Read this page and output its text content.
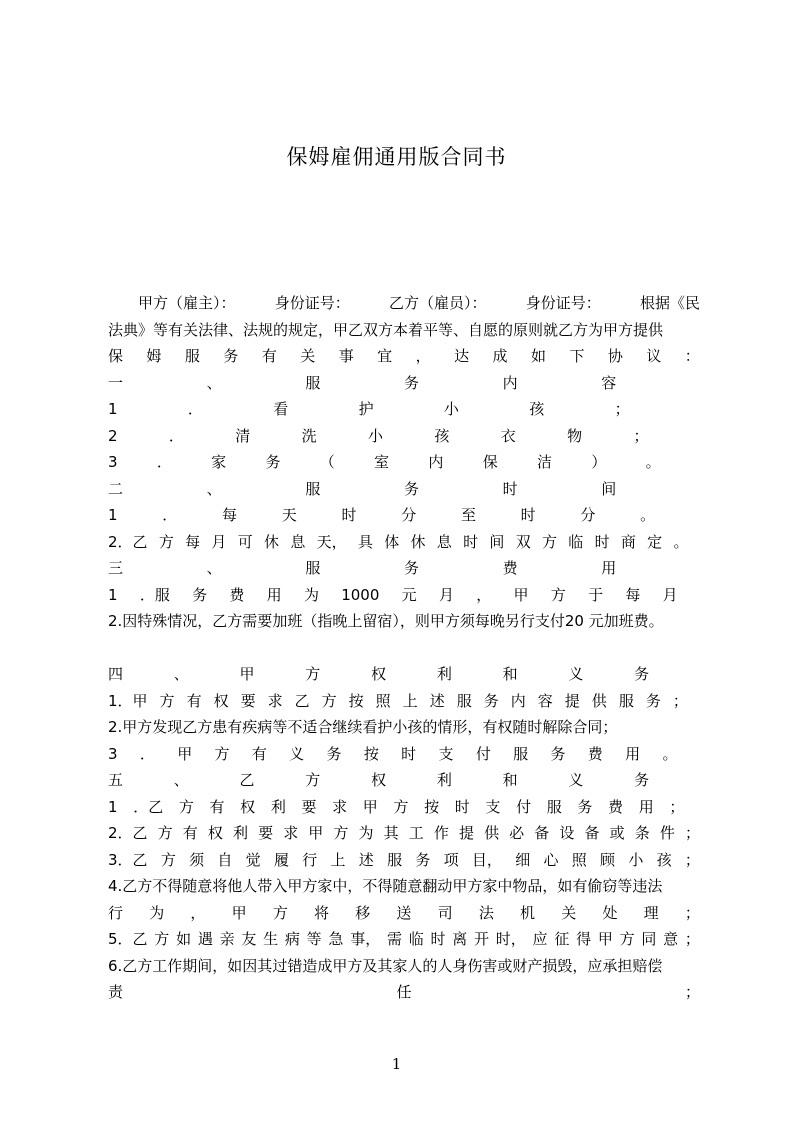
保姆雇佣通用版合同书
甲方（雇主）：	身份证号：	乙方（雇员）：	身份证号：	根据《民
法典》等有关法律、法规的规定，甲乙双方本着平等、自愿的原则就乙方为甲方提供
保 姆 服 务 有 关 事 宜 ， 达 成 如 下 协 议 ：
一	、	服	务	内	容
1	．	看	护	小	孩	；
2	．	清	洗	小	孩	衣	物	；
3	．	家	务	（	室	内	保	洁	）	。
二	、	服	务	时	间
1	．	每	天	时	分	至	时	分	。
2．乙 方 每 月 可 休 息 天， 具 体 休 息 时 间 双 方 临 时 商 定 。
三	、	服	务	费	用
1 ．服 务 费 用 为 1000 元 月 ， 甲 方 于 每 月
2.因特殊情况，乙方需要加班（指晚上留宿），则甲方须每晚另行支付20 元加班费。
四	、	甲	方	权	利	和	义	务
1．甲 方 有 权 要 求 乙 方 按 照 上 述 服 务 内 容 提 供 服 务 ；
2.甲方发现乙方患有疾病等不适合继续看护小孩的情形，有权随时解除合同；
3 ． 甲 方 有 义 务 按 时 支 付 服 务 费 用 。
五	、	乙	方	权	利	和	义	务
1 ．乙 方 有 权 利 要 求 甲 方 按 时 支 付 服 务 费 用 ；
2．乙 方 有 权 利 要 求 甲 方 为 其 工 作 提 供 必 备 设 备 或 条 件 ；
3．乙 方 须 自 觉 履 行 上 述 服 务 项 目， 细 心 照 顾 小 孩 ；
4.乙方不得随意将他人带入甲方家中，不得随意翻动甲方家中物品，如有偷窃等违法
行 为 ， 甲 方 将 移 送 司 法 机 关 处 理 ；
5．乙 方 如 遇 亲 友 生 病 等 急 事， 需 临 时 离 开 时， 应 征 得 甲 方 同 意 ；
6.乙方工作期间，如因其过错造成甲方及其家人的人身伤害或财产损毁，应承担赔偿
责	任	；
1
